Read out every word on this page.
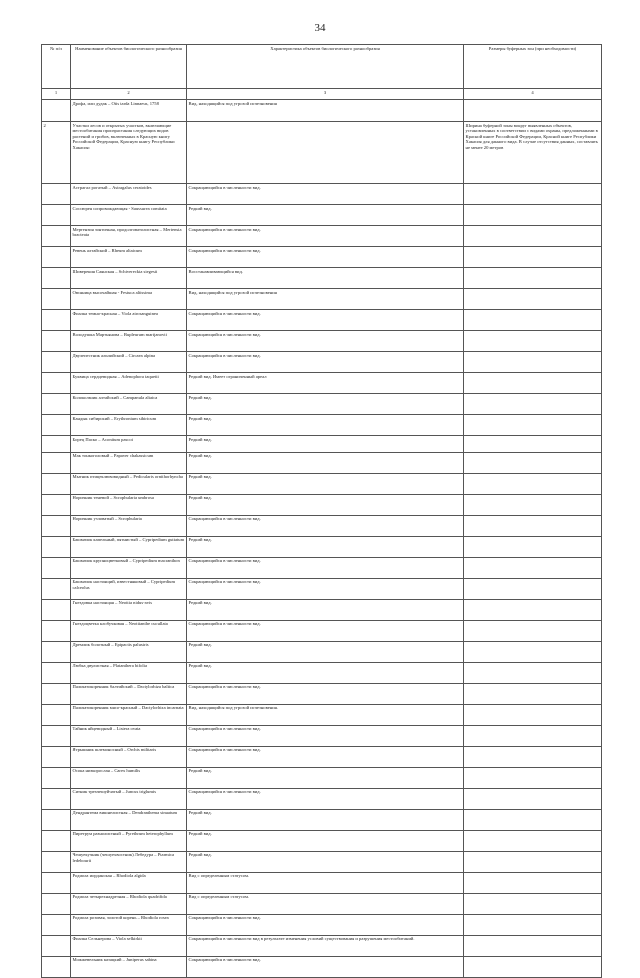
34
№ п/п	Наименование объектов биологического разнообразия	Характеристика объектов биологического разнообразия	Размеры буферных зон (при необходимости)
1	2	3	4
	Дрофа, или дудак – Otis tarda Linnaeus, 1758	Вид, находящийся под угрозой исчезновения	
2	Участки лесов и открытых участков, включающие местообитания произрастания следующих видов растений и грибов, включенных в Красную книгу Российской Федерации, Красную книгу Республики Хакасия:		Ширина буферной зоны вокруг выявленных объектов, установленных в соответствии с видами охраны, предложенными в Красной книге Российской Федерации, Красной книге Республики Хакасия для данного вида. В случае отсутствия данных, составлять не менее 20 метров
	Астрагал рогатый – Astragalus ceratoides	Сокращающийся в численности вид.	
	Соссюрея сопровождающая - Saussurea comitata	Редкий вид.	
	Мертензия зонтичная, продолговатолистная – Mertensia bracteata	Сокращающийся в численности вид.	
	Ревень алтайский – Rheum altaicum	Сокращающийся в численности вид.	
	Шиверекия Саянская – Schivereckia siegesii	Восстанавливающийся вид.	
	Овсяница высочайшая - Festuca altissima	Вид, находящийся под угрозой исчезновения	
	Фиалка темно-красная – Viola atrosanguinea	Сокращающийся в численности вид.	
	Володушка Мартьянова – Bupleurum martjanovii	Сокращающийся в численности вид.	
	Двулепестник альпийский – Circaea alpina	Сокращающийся в численности вид.	
	Буквица сердцевидная – Adenophora taquetii	Редкий вид. Имеет ограниченный ареал	
	Колокольчик алтайский – Campanula altaica	Редкий вид.	
	Кандык сибирский – Erythronium sibiricum	Редкий вид.	
	Борец Паско – Aconitum pascoi	Редкий вид.	
	Мак тонкоголовый – Papaver chakassicum	Редкий вид.	
	Мытник птицеклювовидный – Pedicularis ornithorhyncha	Редкий вид.	
	Норичник теневой – Scrophularia umbrosa	Редкий вид.	
	Норичник узловатый – Scrophularia	Сокращающийся в численности вид.	
	Башмачок капельный, пятнистый – Cypripedium guttatum	Редкий вид.	
	Башмачок крупноцветковый – Cypripedium macranthon	Сокращающийся в численности вид.	
	Башмачок настоящий, известняковый – Cypripedium calceolus	Сокращающийся в численности вид.	
	Гнездовка настоящая – Neottia nidus-avis	Редкий вид.	
	Гнездоцветка клобучковая – Neottianthe cucullata	Сокращающийся в численности вид.	
	Дремлик болотный – Epipactis palustris	Редкий вид.	
	Любка двулистная – Platanthera bifolia	Редкий вид.	
	Пальчатокоренник балтийский – Dactylorhiza baltica	Сокращающийся в численности вид.	
	Пальчатокоренник мясо-красный – Dactylorhiza incarnata	Вид, находящийся под угрозой исчезновения.	
	Тайник яйцевидный – Listera ovata	Сокращающийся в численности вид.	
	Ятрышник шлемоносный – Orchis militaris	Сокращающийся в численности вид.	
	Осока низкорослая – Carex humilis	Редкий вид.	
	Ситник трехчешуйчатый – Juncus triglumis	Сокращающийся в численности вид.	
	Дендрантема вишнелистная – Dendranthema sinuatum	Редкий вид.	
	Пиретрум разнолистный – Pyrethrum heterophyllum	Редкий вид.	
	Чешуекучник (чешуехвостник) Лебедура – Ptarmica ledebourii	Редкий вид.	
	Родиола иорданская – Rhodiola algida	Вид с определенным статусом.	
	Родиола четырехнадрезная – Rhodiola quadrifida	Вид с определенным статусом.	
	Родиола розовая, золотой корень – Rhodiola rosea	Сокращающийся в численности вид.	
	Фиалка Сельнерова – Viola selkirkii	Сокращающийся в численности вид в результате изменения условий существования и разрушения местообитаний.	
	Можжевельник казацкий – Juniperus sabina	Сокращающийся в численности вид.	
